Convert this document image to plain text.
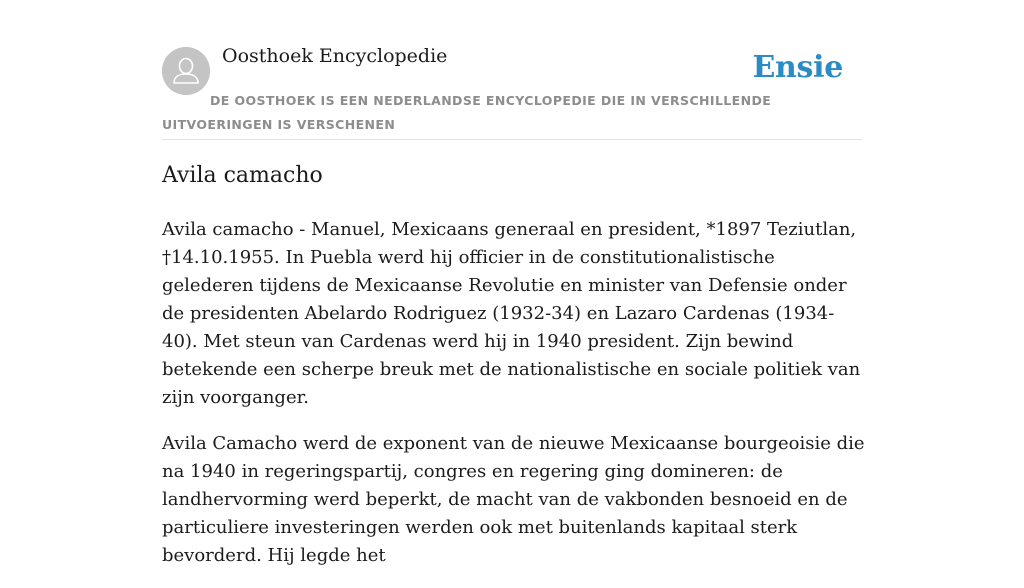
Oosthoek Encyclopedie	Ensie
DE OOSTHOEK IS EEN NEDERLANDSE ENCYCLOPEDIE DIE IN VERSCHILLENDE UITVOERINGEN IS VERSCHENEN
Avila camacho

Avila camacho - Manuel, Mexicaans generaal en president, *1897 Teziutlan, †14.10.1955. In Puebla werd hij officier in de constitutionalistische gelederen tijdens de Mexicaanse Revolutie en minister van Defensie onder de presidenten Abelardo Rodriguez (1932-34) en Lazaro Cardenas (1934-40). Met steun van Cardenas werd hij in 1940 president. Zijn bewind betekende een scherpe breuk met de nationalistische en sociale politiek van zijn voorganger.

Avila Camacho werd de exponent van de nieuwe Mexicaanse bourgeoisie die na 1940 in regeringspartij, congres en regering ging domineren: de landhervorming werd beperkt, de macht van de vakbonden besnoeid en de particuliere investeringen werden ook met buitenlands kapitaal sterk bevorderd. Hij legde het
